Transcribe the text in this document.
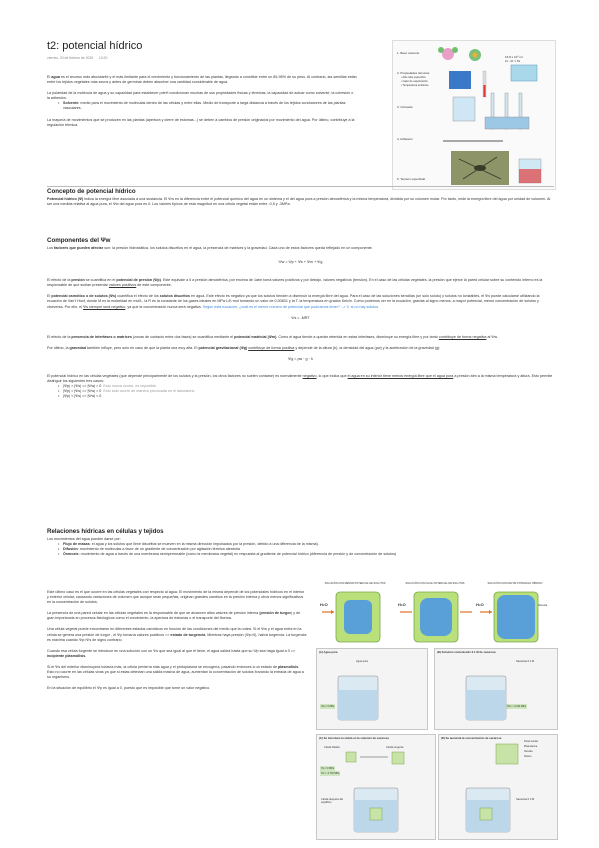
t2: potencial hídrico
viernes, 20 de febrero de 2025 10:20
El agua es el recurso más abundante y el más limitante para el crecimiento y funcionamiento de las plantas, llegando a constituir entre un 85-95% de su peso. Al contrario, las semillas están entre los tejidos vegetales más secos y antes de germinar deben absorber una cantidad considerable de agua.
La polaridad de la molécula de agua y su capacidad para establecer pdeH condicionan muchas de sus propiedades físicas y térmicas, la capacidad de actuar como solvente, la cohesión o la adhesión.
• Solvente: medio para el movimiento de moléculas dentro de las células y entre ellas. Medio de transporte a larga distancia a través de los tejidos conductores de las plantas vasculares.
La mayoría de movimientos que se producen en las plantas (apertura y cierre de estomas...) se deben a cambios de presión originados por movimiento del agua. Por último, contribuye a la regulación térmica.
1. Buen solvente
2. Propiedades térmicas
• Alto calor específico
• Calor de vaporización
• Temperatura ambiente
3. Cohesión
4. Adhesión
5. Tensión superficial
16,8 x 10⁸ m²
10 - 10⁻¹² Pa
Concepto de potencial hídrico
Potencial hídrico (Ψ) indica la energía libre asociada a una sustancia. El Ψw es la diferencia entre el potencial químico del agua en un sistema y el del agua pura a presión atmosférica y la misma temperatura, dividida por su volumen molar. Por tanto, mide la energía libre del agua por unidad de volumen. Al ser una medida relativa al agua pura, el Ψw del agua pura es 0. Los valores típicos de esta magnitud en una célula vegetal están entre -0,5 y -3MPa.
Componentes del Ψw
Los factores que pueden afectar son: la presión hidrostática, los solutos disueltos en el agua, la presencia de matrices y la gravedad. Cada uno de estos factores queda reflejado en un componente.
Ψw = Ψp + Ψs + Ψm + Ψg
El efecto de la presión se cuantifica en el potencial de presión (Ψp). Este equivale a 0 a presión atmosférica, por encima de 1atm toma valores positivos y por debajo, valores negativos (tensión). En el caso de las células vegetales, la presión que ejerce la pared celular sobre su contenido interno es la responsable de que suelan presentar valores positivos de este componente.
El potencial osmótico o de solutos (Ψs) cuantifica el efecto de los solutos disueltos en agua. Este efecto es negativo ya que los solutos tienden a disminuir la energía libre del agua. Para el caso de las soluciones sencillas (un solo soluto) y solutos no ionizables, el Ψs puede calcularse utilizando la ecuación de Van't Hoof, donde M es la molaridad en mol/L, la R es la constante de los gases ideales en MPa·L/K·mol tomando un valor de 0,00831 y la T, la temperatura en grados Kelvin. Como podemos ver en la ecuación, gracias al signo menos, a mayor potencial, menor concentración de solutos y viceversa. Por ello, el Ψs siempre será negativo, ya que la concentración nunca será negativa. Según esta ecuación, ¿cuál es el menor número de potencial que podríamos tener? --> 0, si no hay solutos
Ψs = -MRT
El efecto de la presencia de interfases o matrices (zonas de contacto entre dos fases) se cuantifica mediante el potencial matricial (Ψm). Como el agua tiende a quedar retenida en estas interfases, disminuye su energía libre y por tanto contribuye de forma negativa al Ψw.
Por último, la gravedad también influye, pero solo en caso de que la planta sea muy alta. El potencial gravitacional (Ψg) contribuye de forma positiva y depende de la altura (h), la densidad del agua (ρw) y la aceleración de la gravedad (g):
Ψg = ρw · g · h
El potencial hídrico en las células vegetales (que depende principalmente de los solutos y la presión, los otros factores no suelen contarse) es normalmente negativo, lo que indica que el agua en su interior tiene menos energía libre que el agua pura a presión atm a la misma temperatura y altura. Esto permite distinguir los siguientes tres casos:
• |Ψp| > |Ψs| => |Ψw| > 0 Esto nunca ocurre, es imposible
• |Ψp| = |Ψs| => |Ψw| = 0 Esto solo ocurre de manera provocada en el laboratorio
• |Ψp| < |Ψs| => |Ψw| < 0
Relaciones hídricas en células y tejidos
Los movimientos del agua pueden darse por:
• Flujo de masas: el agua y los solutos que lleve disueltos se mueven en la misma dirección impulsados por la presión, debido a una diferencia de la misma).
• Difusión: movimiento de moléculas a favor de un gradiente de concentración por agitación térmica aleatoria
• Ósmosis: movimiento de agua a través de una membrana semipermeable (como la membrana vegetal) en respuesta al gradiente de potencial hídrico (diferencia de presión y de concentración de solutos)
Este último caso es el que ocurre en las células vegetales con respecto al agua. El movimiento de la misma depende de los potenciales hídricos en el interior y exterior celular, causando variaciones de volumen que aunque sean pequeñas, originan grandes cambios en la presión interna y otros menos significativos en la concentración de solutos.
La presencia de una pared celular en las células vegetales es la responsable de que se alcancen altos valores de presión interna (presión de turgor) y de gran importancia en procesos fisiológicos como el crecimiento, la apertura de estomas o el transporte del floema.
Una célula vegetal puede encontrarse en diferentes estados osmóticos en función de las condiciones del medio que la rodea. Si el Ψw y el agua entra en la célula se genera una presión de turgor , el Ψp tomaría valores positivos => estado de turgencia. Mientras haya presión (Ψp>0), habrá turgencia. La turgencia es máxima cuando Ψp=Ψs de signo contrario.
Cuando esa célula turgente se introduce en una solución con un Ψs que sea igual al que él tiene, el agua saldrá hasta que su Ψp sea haga igual a 0 => incipiente plasmólisis.
Si el Ψs del exterior disminuyera todavía más, la célula perdería más agua y el protoplasma se encogería, pasando entonces a un estado de plasmólisis. Esto no ocurre en las células vivas ya que si estas detectan una salida masiva de agua, aumentan la concentración de solutos forzando la entrada de agua a su organismo.
En la situación de equilibrio el Ψp es igual a 0, puesto que es imposible que tome un valor negativo.
SOLUCIÓN CON MENOR POTENCIAL DE SOLUTOS	SOLUCIÓN CON IGUAL POTENCIAL DE SOLUTOS	SOLUCIÓN CON MAYOR POTENCIAL HÍDRICO
H₂O	H₂O	H₂O	Vacuola
(A) Agua pura	(B) Solución conteniendo 0.1 M de sacarosa
(C) Se introduce la célula en la solución de sacarosa	(D) Se aumenta la concentración de sacarosa
Agua pura	Sacarosa 0.1 M
Célula flácida	Célula turgente
Célula después del equilibrio
Sacarosa 0.3 M
Pared celular
Plasmalema
Vacuola
Núcleo
Ψw = 0 MPa	Ψw = -0.244 MPa
Ψp = 0 MPa
Ψs = -0.732 MPa
